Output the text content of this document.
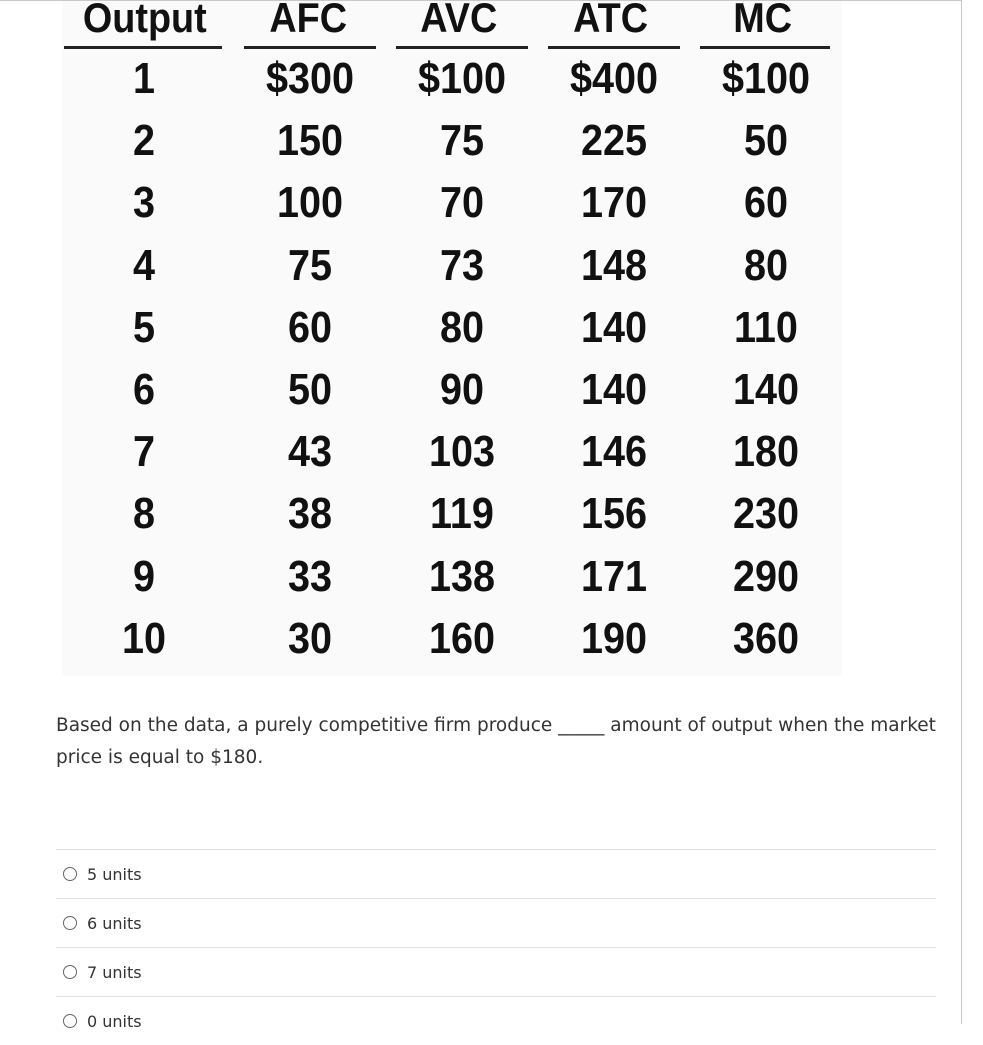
Output AFC AVC ATC MC
1	$300	$100	$400	$100
2	150	75	225	50
3	100	70	170	60
4	75	73	148	80
5	60	80	140	110
6	50	90	140	140
7	43	103	146	180
8	38	119	156	230
9	33	138	171	290
10	30	160	190	360
Based on the data, a purely competitive firm produce _____ amount of output when the market price is equal to $180.
5 units
6 units
7 units
0 units
